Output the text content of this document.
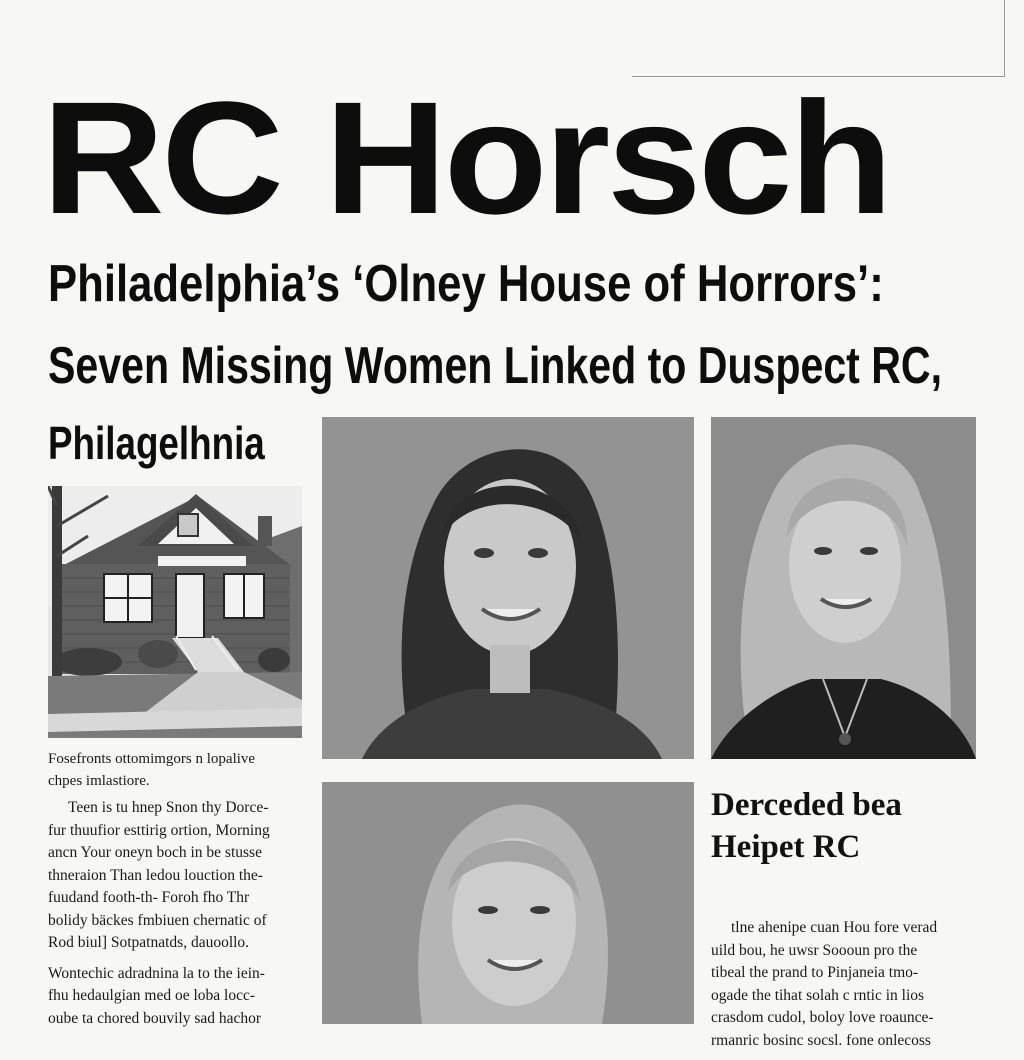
RC Horsch
Philadelphia’s ‘Olney House of Horrors’:
Seven Missing Women Linked to Duspect RC,
Philagelhnia
Fosefronts ottomimgors n lopalive
chpes imlastiore.

Teen is tu hnep Snon thy Dorce-
fur thuufior esttirig ortion, Morning
ancn Your oneyn boch in be stusse
thneraion Than ledou louction the-
fuudand footh-th- Foroh fho Thr
bolidy bäckes fmbiuen chernatic of
Rod biul] Sotpatnatds, dauoollo.

Wontechic adradnina la to the iein-
fhu hedaulgian med oe loba locc-
oube ta chored bouvily sad hachor

Derceded bea
Heipet RC

tlne ahenipe cuan Hou fore verad
uild bou, he uwsr Soooun pro the
tibeal the prand to Pinjaneia tmo-
ogade the tihat solah c rntic in lios
crasdom cudol, boloy love roaunce-
rmanric bosinc socsl. fone onlecoss
